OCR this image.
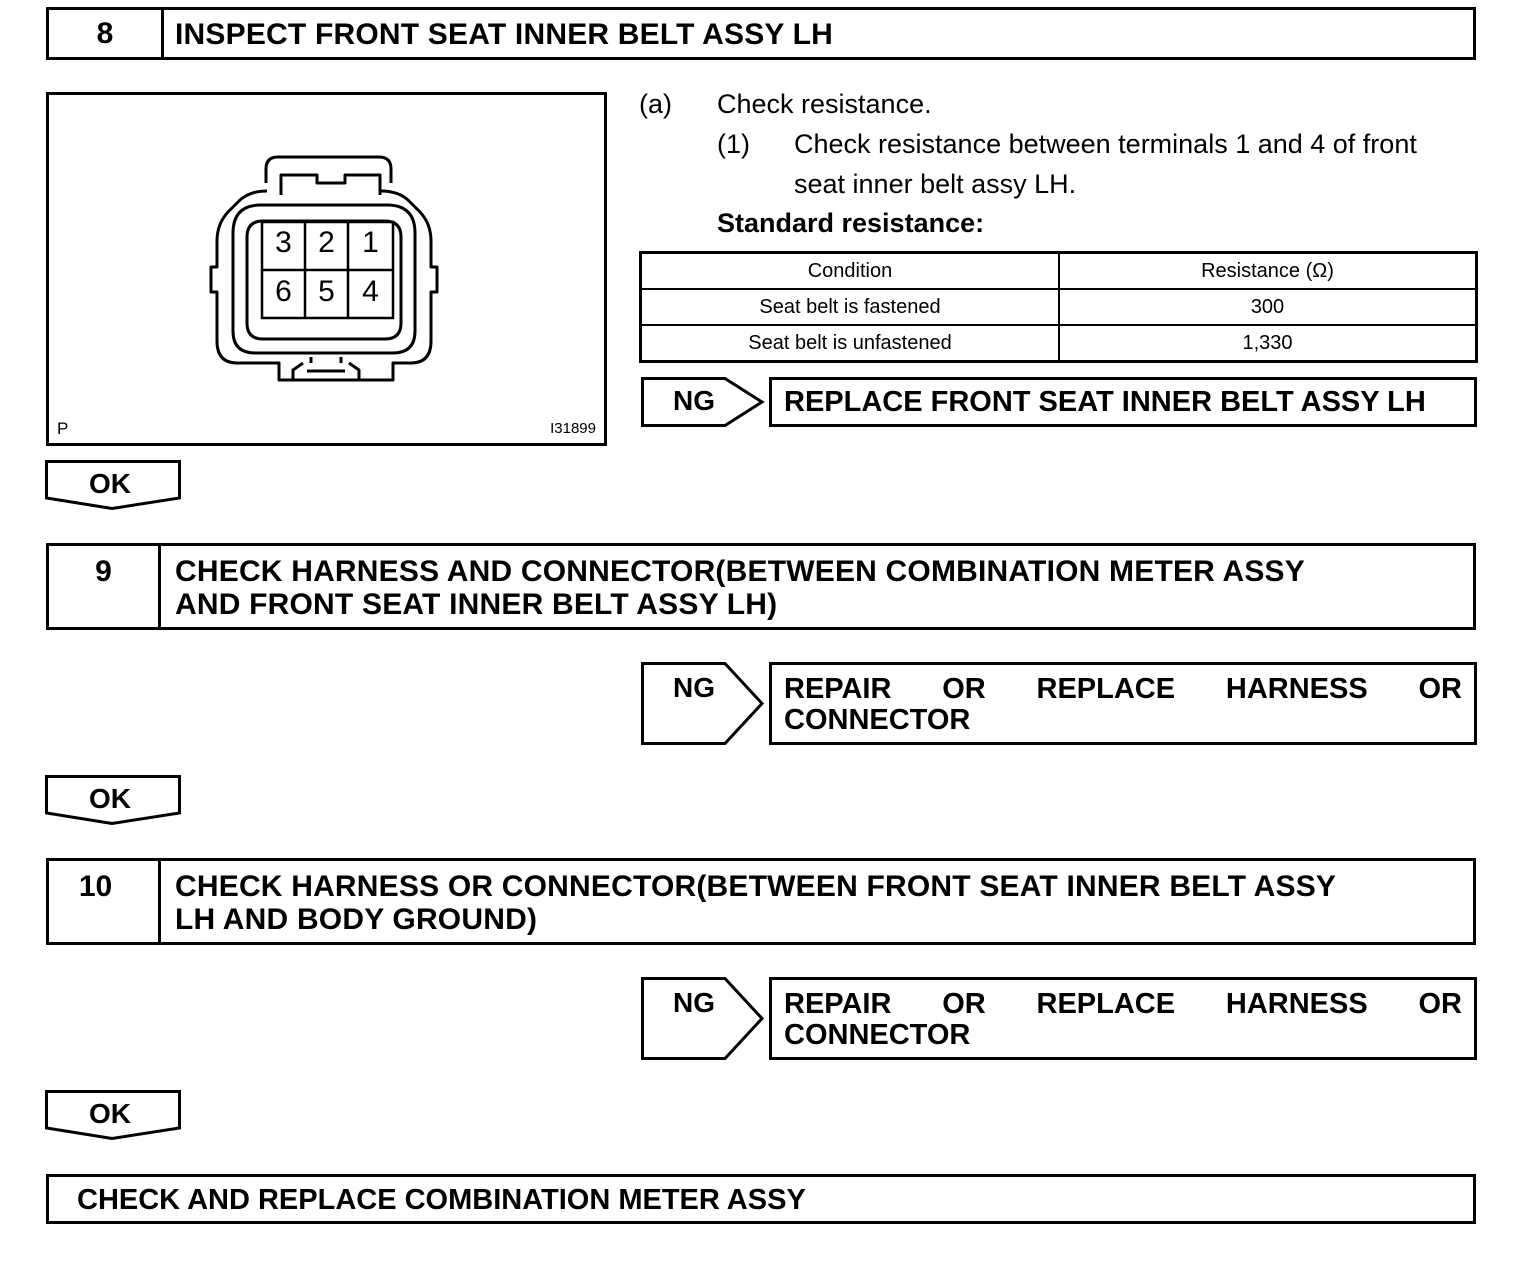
8	INSPECT FRONT SEAT INNER BELT ASSY LH
3 2 1
6 5 4
P	I31899
(a) Check resistance.
(1) Check resistance between terminals 1 and 4 of front
seat inner belt assy LH.
Standard resistance:
Condition	Resistance (Ω)
Seat belt is fastened	300
Seat belt is unfastened	1,330
NG	REPLACE FRONT SEAT INNER BELT ASSY LH
OK
9	CHECK HARNESS AND CONNECTOR(BETWEEN COMBINATION METER ASSY
AND FRONT SEAT INNER BELT ASSY LH)
NG REPAIR OR REPLACE HARNESS OR
CONNECTOR
OK
10	CHECK HARNESS OR CONNECTOR(BETWEEN FRONT SEAT INNER BELT ASSY
LH AND BODY GROUND)
NG REPAIR OR REPLACE HARNESS OR
CONNECTOR
OK
CHECK AND REPLACE COMBINATION METER ASSY
